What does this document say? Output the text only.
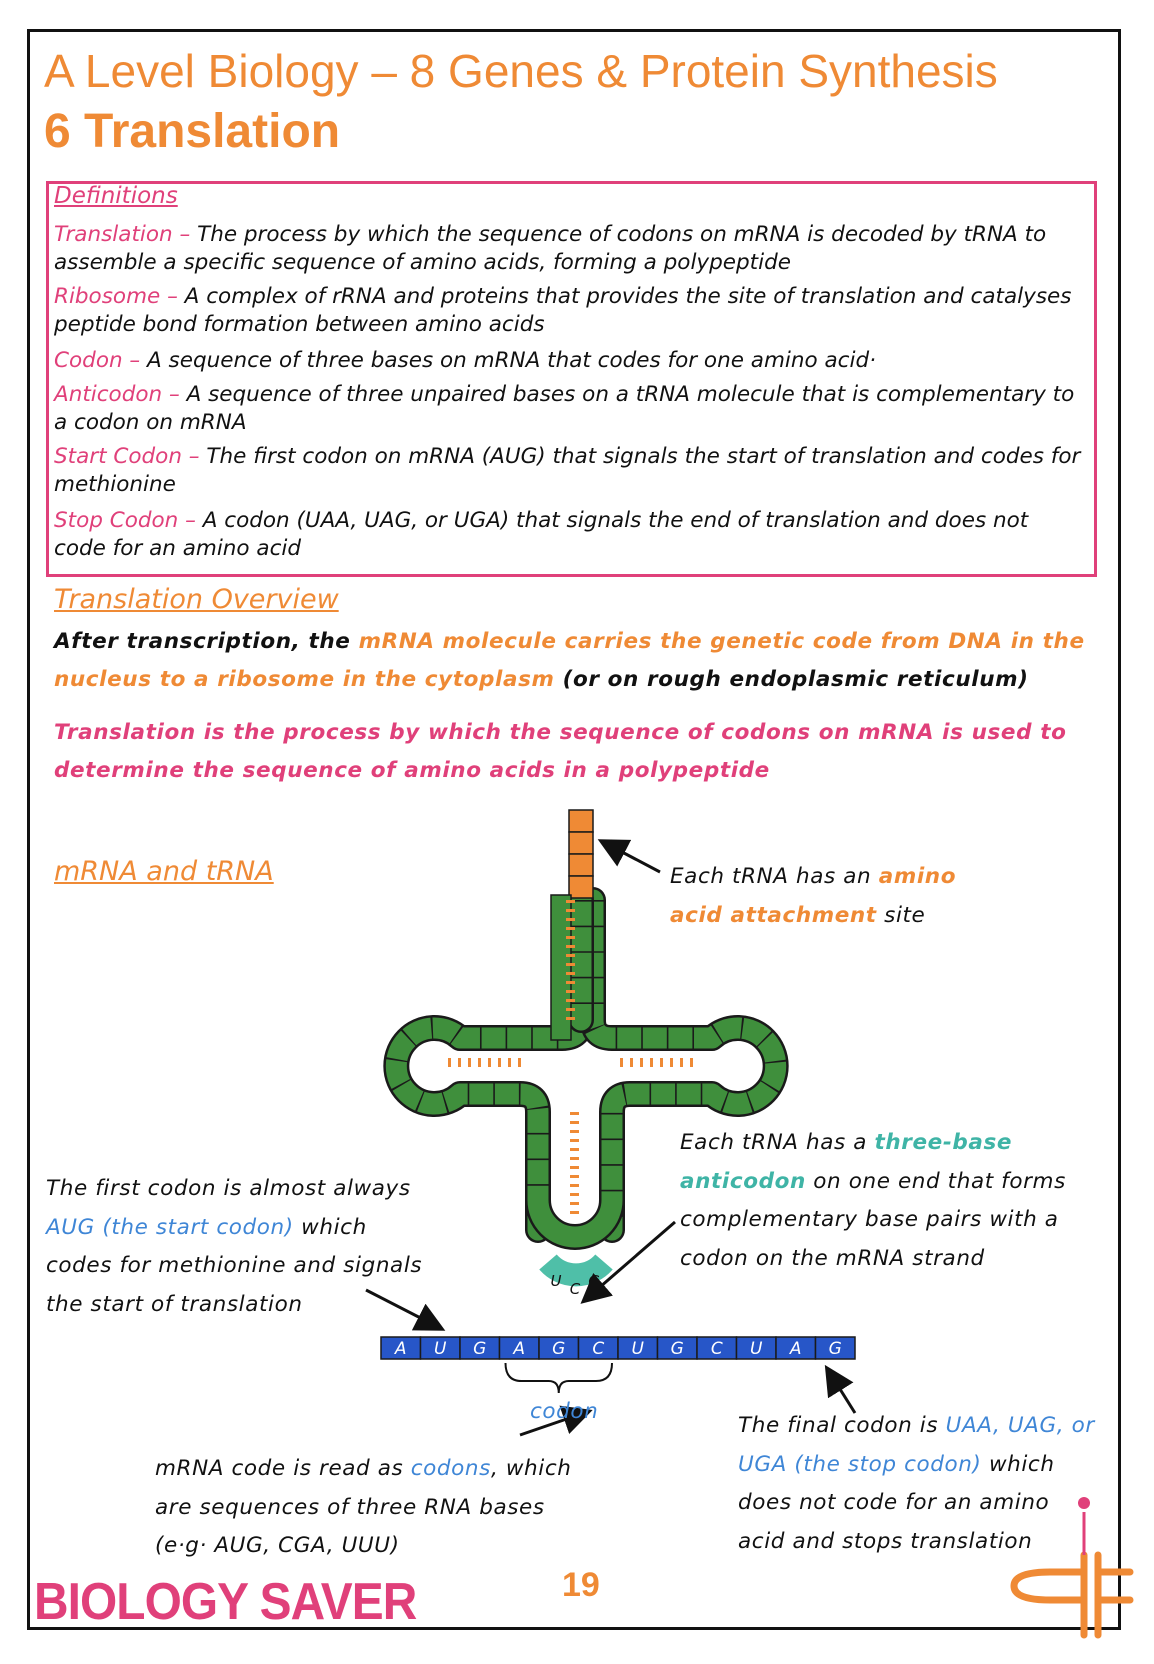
A Level Biology – 8 Genes & Protein Synthesis
6 Translation
Definitions
Translation – The process by which the sequence of codons on mRNA is decoded by tRNA to assemble a specific sequence of amino acids, forming a polypeptide
Ribosome – A complex of rRNA and proteins that provides the site of translation and catalyses peptide bond formation between amino acids
Codon – A sequence of three bases on mRNA that codes for one amino acid·
Anticodon – A sequence of three unpaired bases on a tRNA molecule that is complementary to a codon on mRNA
Start Codon – The first codon on mRNA (AUG) that signals the start of translation and codes for methionine
Stop Codon – A codon (UAA, UAG, or UGA) that signals the end of translation and does not code for an amino acid
Translation Overview
After transcription, the mRNA molecule carries the genetic code from DNA in the nucleus to a ribosome in the cytoplasm (or on rough endoplasmic reticulum)
Translation is the process by which the sequence of codons on mRNA is used to determine the sequence of amino acids in a polypeptide
mRNA and tRNA
U C G
A U G A G C U G C U A G
Each tRNA has an amino acid attachment site
Each tRNA has a three-base anticodon on one end that forms complementary base pairs with a codon on the mRNA strand
The first codon is almost always AUG (the start codon) which codes for methionine and signals the start of translation
codon
mRNA code is read as codons, which are sequences of three RNA bases (e·g· AUG, CGA, UUU)
The final codon is UAA, UAG, or UGA (the stop codon) which does not code for an amino acid and stops translation
BIOLOGY SAVER	19
